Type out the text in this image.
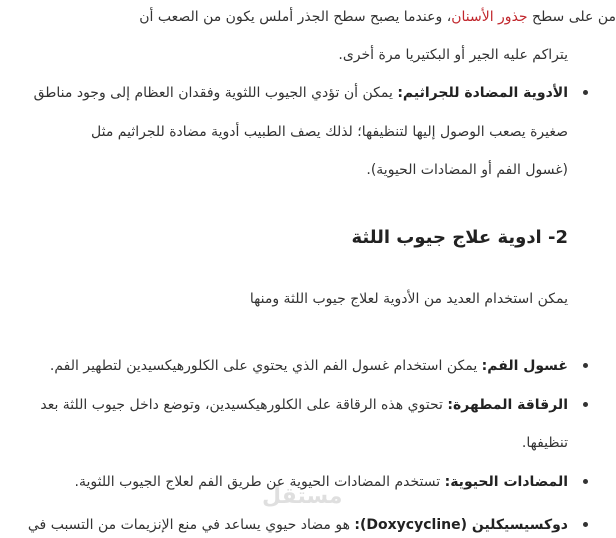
من على سطح جذور الأسنان، وعندما يصبح سطح الجذر أملس يكون من الصعب أن
يتراكم عليه الجير أو البكتيريا مرة أخرى.
الأدوية المضادة للجراثيم: يمكن أن تؤدي الجيوب اللثوية وفقدان العظام إلى وجود مناطق
صغيرة يصعب الوصول إليها لتنظيفها؛ لذلك يصف الطبيب أدوية مضادة للجراثيم مثل
(غسول الفم أو المضادات الحيوية).
2- ادوية علاج جيوب اللثة
يمكن استخدام العديد من الأدوية لعلاج جيوب اللثة ومنها
غسول الفم: يمكن استخدام غسول الفم الذي يحتوي على الكلورهيكسيدين لتطهير الفم.
الرقاقة المطهرة: تحتوي هذه الرقاقة على الكلورهيكسيدين، وتوضع داخل جيوب اللثة بعد
تنظيفها.
المضادات الحيوية: تستخدم المضادات الحيوية عن طريق الفم لعلاج الجيوب اللثوية.
مستقل
دوكسيسيكلين (Doxycycline): هو مضاد حيوي يساعد في منع الإنزيمات من التسبب في
